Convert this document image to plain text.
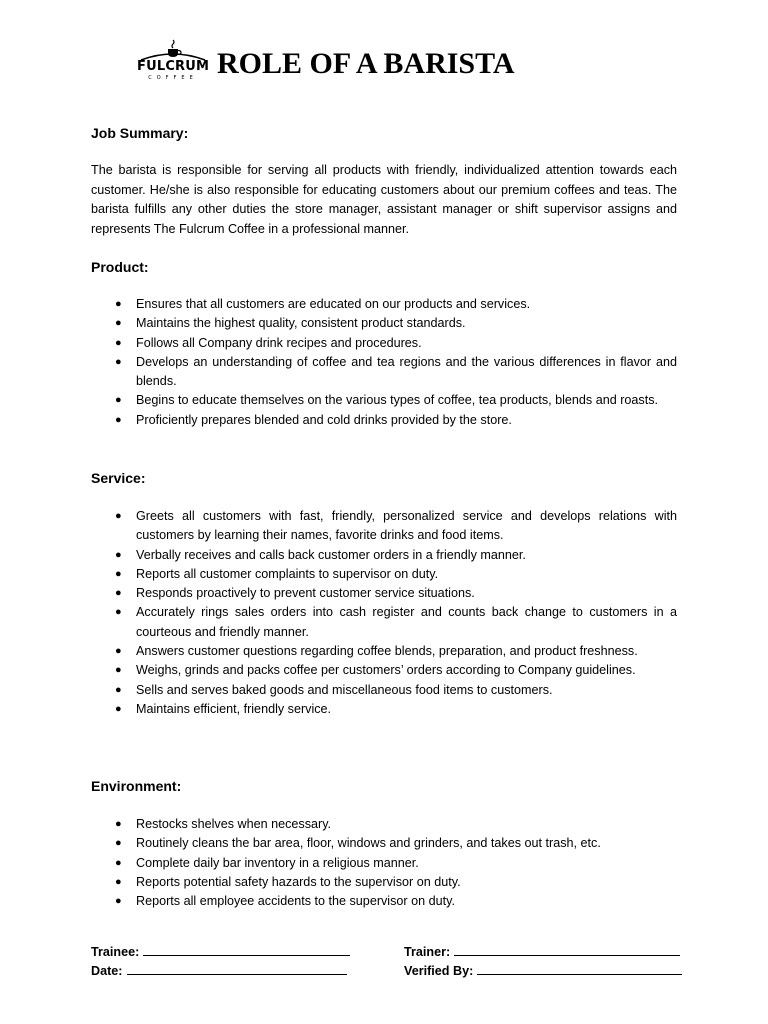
FULCRUM
COFFEE ROLE OF A BARISTA
Job Summary:

The barista is responsible for serving all products with friendly, individualized attention towards each customer. He/she is also responsible for educating customers about our premium coffees and teas. The barista fulfills any other duties the store manager, assistant manager or shift supervisor assigns and represents The Fulcrum Coffee in a professional manner.

Product:
● Ensures that all customers are educated on our products and services.
● Maintains the highest quality, consistent product standards.
● Follows all Company drink recipes and procedures.
● Develops an understanding of coffee and tea regions and the various differences in flavor and blends.
● Begins to educate themselves on the various types of coffee, tea products, blends and roasts.
● Proficiently prepares blended and cold drinks provided by the store.
Service:
● Greets all customers with fast, friendly, personalized service and develops relations with customers by learning their names, favorite drinks and food items.
● Verbally receives and calls back customer orders in a friendly manner.
● Reports all customer complaints to supervisor on duty.
● Responds proactively to prevent customer service situations.
● Accurately rings sales orders into cash register and counts back change to customers in a courteous and friendly manner.
● Answers customer questions regarding coffee blends, preparation, and product freshness.
● Weighs, grinds and packs coffee per customers’ orders according to Company guidelines.
● Sells and serves baked goods and miscellaneous food items to customers.
● Maintains efficient, friendly service.
Environment:
● Restocks shelves when necessary.
● Routinely cleans the bar area, floor, windows and grinders, and takes out trash, etc.
● Complete daily bar inventory in a religious manner.
● Reports potential safety hazards to the supervisor on duty.
● Reports all employee accidents to the supervisor on duty.
Trainee:	Trainer:
Date:	Verified By:
